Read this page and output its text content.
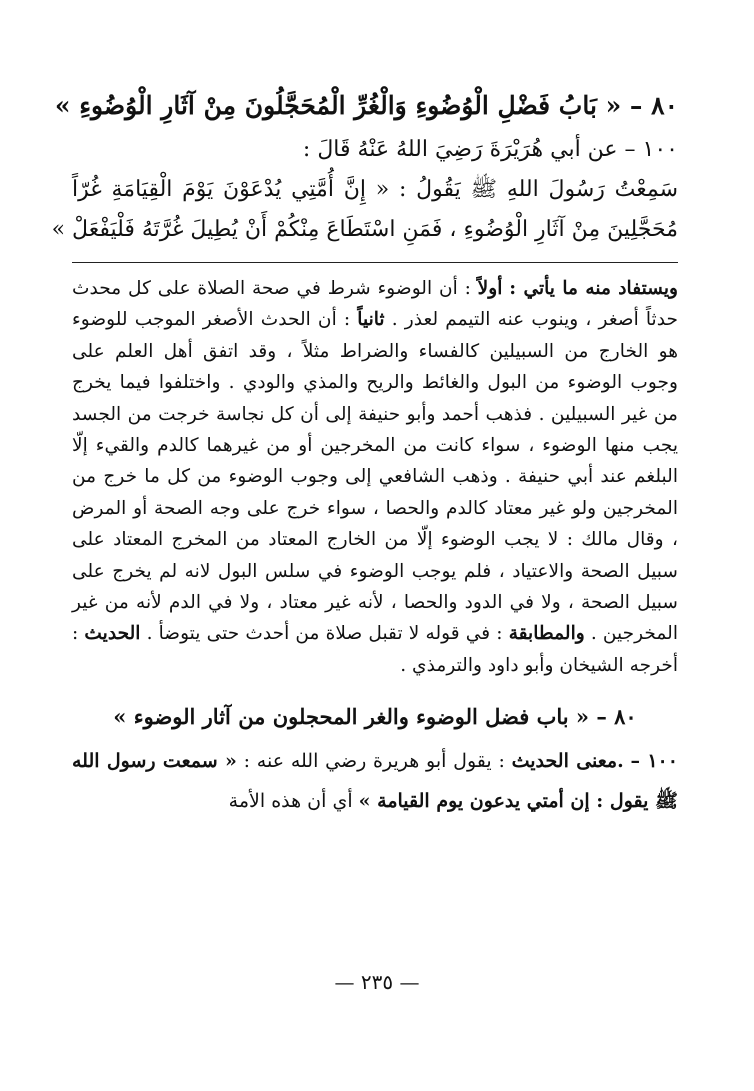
٨٠ – « بَابُ فَضْلِ الْوُضُوءِ وَالْغُرِّ الْمُحَجَّلُونَ مِنْ آثَارِ الْوُضُوءِ »
١٠٠ – عن أبي هُرَيْرَةَ رَضِيَ اللهُ عَنْهُ قَالَ :
سَمِعْتُ رَسُولَ اللهِ ﷺ يَقُولُ : « إِنَّ أُمَّتِي يُدْعَوْنَ يَوْمَ الْقِيَامَةِ غُرّاً
مُحَجَّلِينَ مِنْ آثَارِ الْوُضُوءِ ، فَمَنِ اسْتَطَاعَ مِنْكُمْ أَنْ يُطِيلَ غُرَّتَهُ فَلْيَفْعَلْ »

ويستفاد منه ما يأتي : أولاً : أن الوضوء شرط في صحة الصلاة على كل محدث حدثاً أصغر ، وينوب عنه التيمم لعذر . ثانياً : أن الحدث الأصغر الموجب للوضوء هو الخارج من السبيلين كالفساء والضراط مثلاً ، وقد اتفق أهل العلم على وجوب الوضوء من البول والغائط والريح والمذي والودي . واختلفوا فيما يخرج من غير السبيلين . فذهب أحمد وأبو حنيفة إلى أن كل نجاسة خرجت من الجسد يجب منها الوضوء ، سواء كانت من المخرجين أو من غيرهما كالدم والقيء إلّا البلغم عند أبي حنيفة . وذهب الشافعي إلى وجوب الوضوء من كل ما خرج من المخرجين ولو غير معتاد كالدم والحصا ، سواء خرج على وجه الصحة أو المرض ، وقال مالك : لا يجب الوضوء إلّا من الخارج المعتاد من المخرج المعتاد على سبيل الصحة والاعتياد ، فلم يوجب الوضوء في سلس البول لانه لم يخرج على سبيل الصحة ، ولا في الدود والحصا ، لأنه غير معتاد ، ولا في الدم لأنه من غير المخرجين . والمطابقة : في قوله لا تقبل صلاة من أحدث حتى يتوضأ . الحديث : أخرجه الشيخان وأبو داود والترمذي .

٨٠ – « باب فضل الوضوء والغر المحجلون من آثار الوضوء »

١٠٠ – .معنى الحديث : يقول أبو هريرة رضي الله عنه : « سمعت رسول الله ﷺ يقول : إن أمتي يدعون يوم القيامة » أي أن هذه الأمة

— ٢٣٥ —
